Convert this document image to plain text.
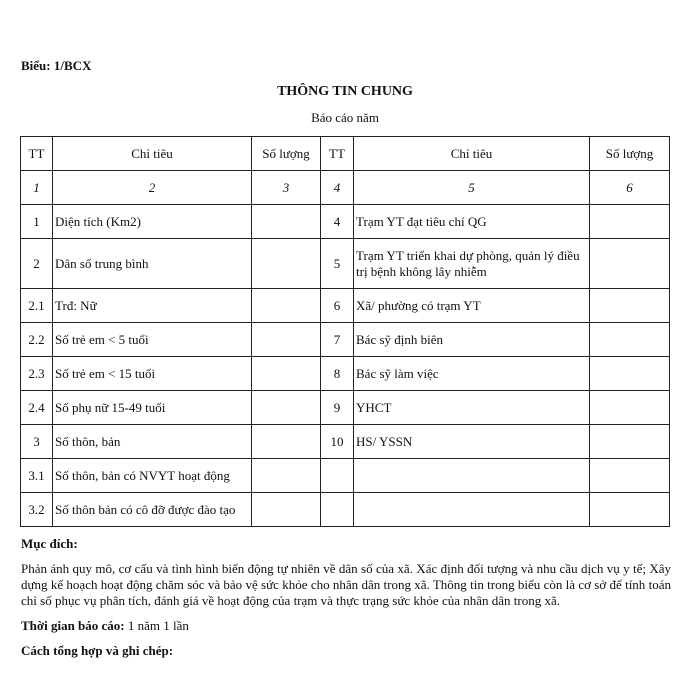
Biểu: 1/BCX
THÔNG TIN CHUNG
Báo cáo năm
TT	Chỉ tiêu	Số lượng	TT	Chỉ tiêu	Số lượng
1	2	3	4	5	6
1	Diện tích (Km2)		4	Trạm YT đạt tiêu chí QG	
2	Dân số trung bình		5	Trạm YT triển khai dự phòng, quản lý điều trị bệnh không lây nhiễm	
2.1	Trđ: Nữ		6	Xã/ phường có trạm YT	
2.2	Số trẻ em < 5 tuổi		7	Bác sỹ định biên	
2.3	Số trẻ em < 15 tuổi		8	Bác sỹ làm việc	
2.4	Số phụ nữ 15-49 tuổi		9	YHCT	
3	Số thôn, bản		10	HS/ YSSN	
3.1	Số thôn, bản có NVYT hoạt động				
3.2	Số thôn bản có cô đỡ được đào tạo				

Mục đích:

Phản ánh quy mô, cơ cấu và tình hình biến động tự nhiên về dân số của xã. Xác định đối tượng và nhu cầu dịch vụ y tế; Xây dựng kế hoạch hoạt động chăm sóc và bảo vệ sức khỏe cho nhân dân trong xã. Thông tin trong biểu còn là cơ sở để tính toán chỉ số phục vụ phân tích, đánh giá về hoạt động của trạm và thực trạng sức khỏe của nhân dân trong xã.

Thời gian báo cáo: 1 năm 1 lần

Cách tổng hợp và ghi chép:
